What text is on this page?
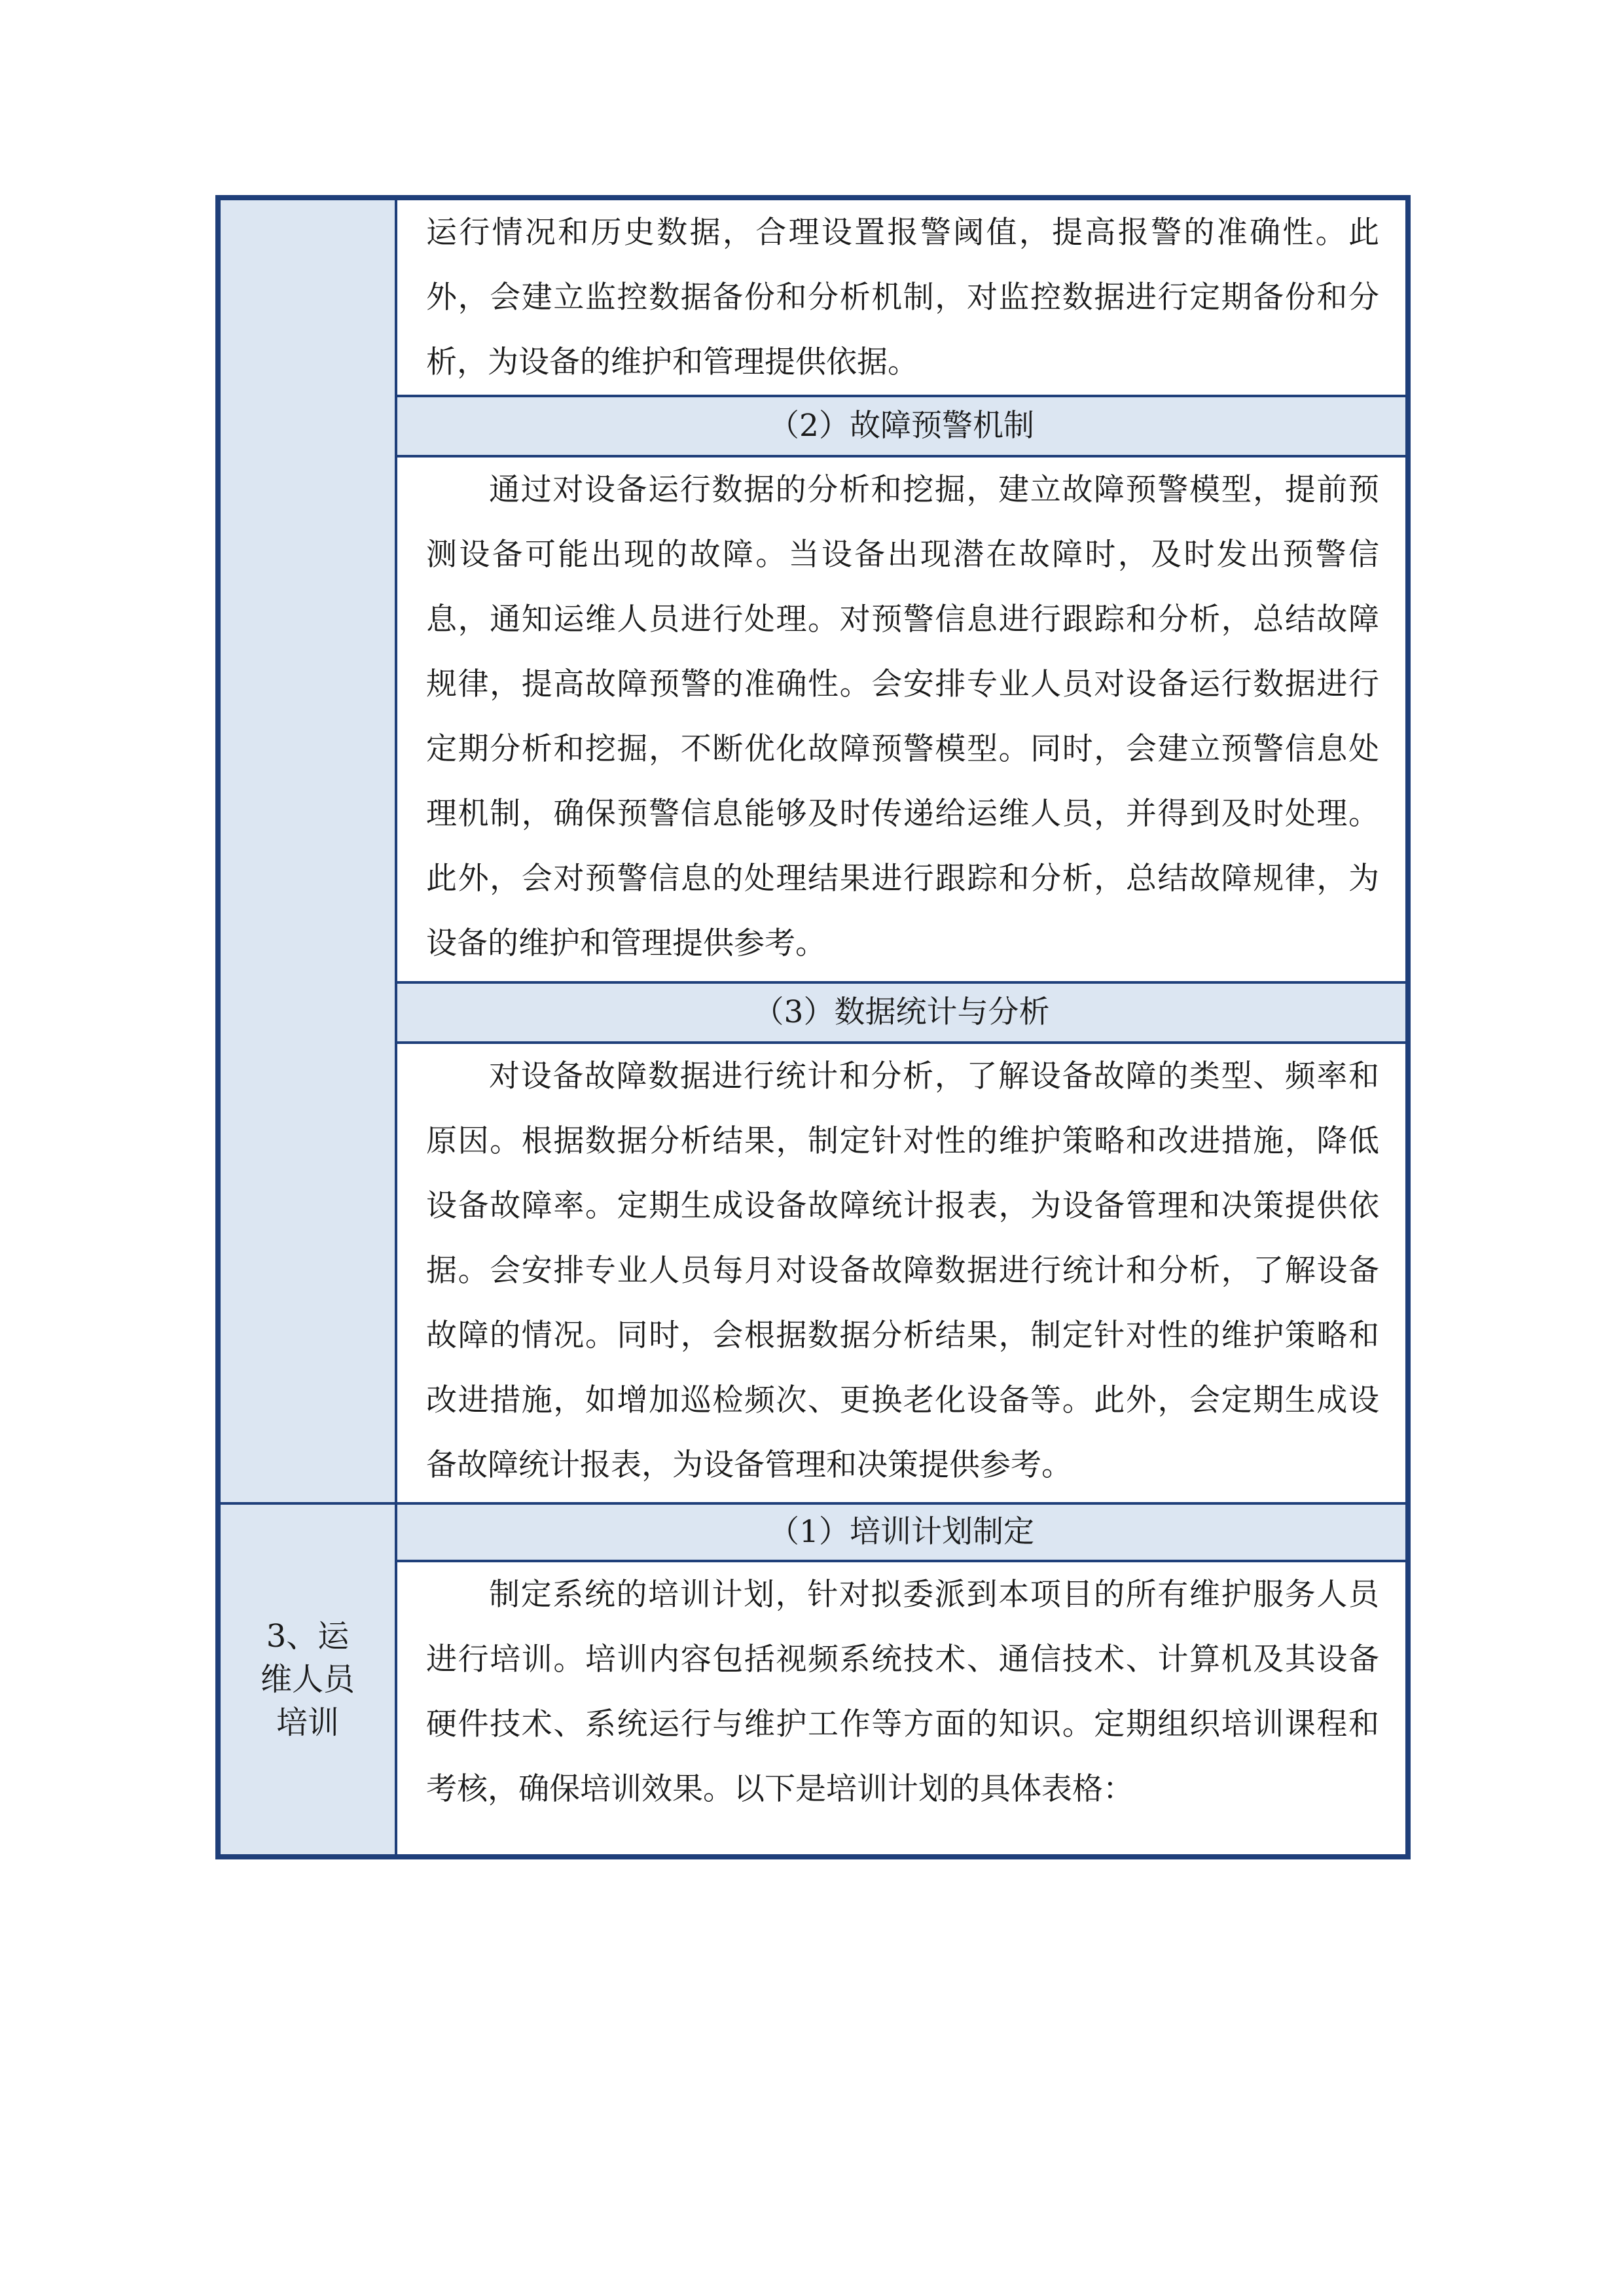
	运行情况和历史数据，合理设置报警阈值，提高报警的准确性。此外，会建立监控数据备份和分析机制，对监控数据进行定期备份和分析，为设备的维护和管理提供依据。

	（2）故障预警机制

	通过对设备运行数据的分析和挖掘，建立故障预警模型，提前预测设备可能出现的故障。当设备出现潜在故障时，及时发出预警信息，通知运维人员进行处理。对预警信息进行跟踪和分析，总结故障规律，提高故障预警的准确性。会安排专业人员对设备运行数据进行定期分析和挖掘，不断优化故障预警模型。同时，会建立预警信息处理机制，确保预警信息能够及时传递给运维人员，并得到及时处理。此外，会对预警信息的处理结果进行跟踪和分析，总结故障规律，为设备的维护和管理提供参考。

	（3）数据统计与分析

	对设备故障数据进行统计和分析，了解设备故障的类型、频率和原因。根据数据分析结果，制定针对性的维护策略和改进措施，降低设备故障率。定期生成设备故障统计报表，为设备管理和决策提供依据。会安排专业人员每月对设备故障数据进行统计和分析，了解设备故障的情况。同时，会根据数据分析结果，制定针对性的维护策略和改进措施，如增加巡检频次、更换老化设备等。此外，会定期生成设备故障统计报表，为设备管理和决策提供参考。

3、运维人员培训	（1）培训计划制定

	制定系统的培训计划，针对拟委派到本项目的所有维护服务人员进行培训。培训内容包括视频系统技术、通信技术、计算机及其设备硬件技术、系统运行与维护工作等方面的知识。定期组织培训课程和考核，确保培训效果。以下是培训计划的具体表格：
